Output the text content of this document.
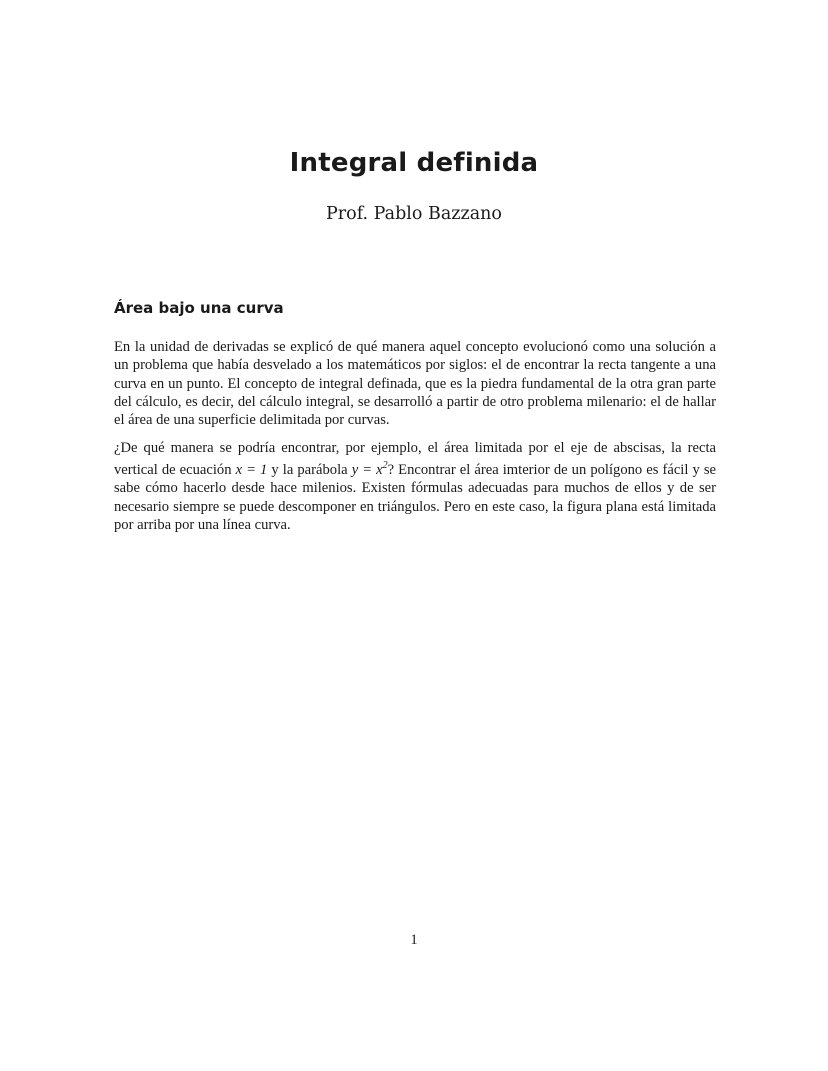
Integral definida
Prof. Pablo Bazzano
Área bajo una curva

En la unidad de derivadas se explicó de qué manera aquel concepto evolucionó como una solución a un problema que había desvelado a los matemáticos por siglos: el de encontrar la recta tangente a una curva en un punto. El concepto de integral definada, que es la piedra fundamental de la otra gran parte del cálculo, es decir, del cálculo integral, se desarrolló a partir de otro problema milenario: el de hallar el área de una superficie delimitada por curvas.

¿De qué manera se podría encontrar, por ejemplo, el área limitada por el eje de abscisas, la recta vertical de ecuación x = 1 y la parábola $y = x^2$? Encontrar el área imterior de un polígono es fácil y se sabe cómo hacerlo desde hace milenios. Existen fórmulas adecuadas para muchos de ellos y de ser necesario siempre se puede descomponer en triángulos. Pero en este caso, la figura plana está limitada por arriba por una línea curva.

1
